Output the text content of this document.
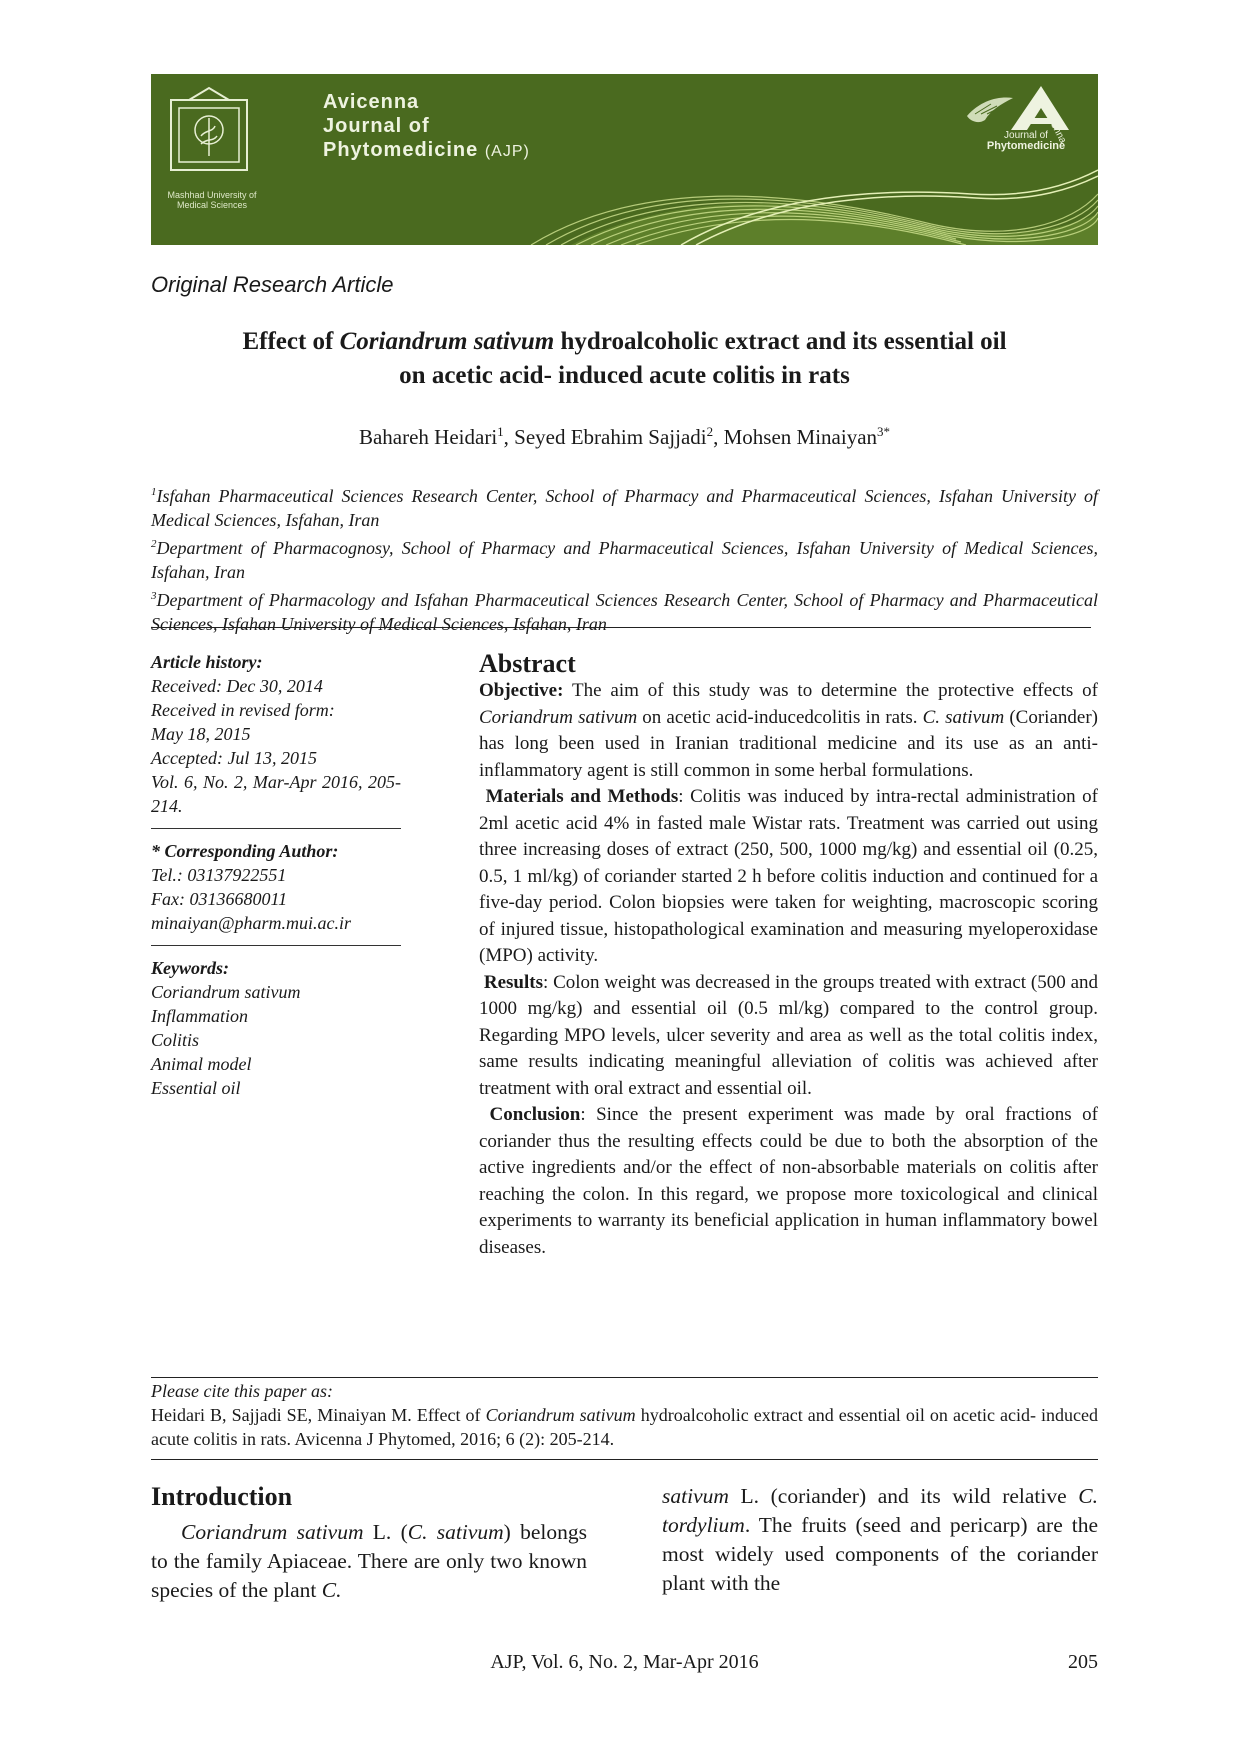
Mashhad University of Medical Sciences
Avicenna
Journal of
Phytomedicine (AJP)
Journal of
Phytomedicine
Avicenna
Original Research Article
Effect of Coriandrum sativum hydroalcoholic extract and its essential oil
on acetic acid- induced acute colitis in rats
Bahareh Heidari$^1$, Seyed Ebrahim Sajjadi$^2$, Mohsen Minaiyan$^{3*}$

$^1$Isfahan Pharmaceutical Sciences Research Center, School of Pharmacy and Pharmaceutical Sciences, Isfahan University of Medical Sciences, Isfahan, Iran

$^2$Department of Pharmacognosy, School of Pharmacy and Pharmaceutical Sciences, Isfahan University of Medical Sciences, Isfahan, Iran

$^3$Department of Pharmacology and Isfahan Pharmaceutical Sciences Research Center, School of Pharmacy and Pharmaceutical Sciences, Isfahan University of Medical Sciences, Isfahan, Iran

Article history:
Received: Dec 30, 2014
Received in revised form:
May 18, 2015
Accepted: Jul 13, 2015
Vol. 6, No. 2, Mar-Apr 2016, 205-214.
* Corresponding Author:
Tel.: 03137922551
Fax: 03136680011
minaiyan@pharm.mui.ac.ir
Keywords:
Coriandrum sativum
Inflammation
Colitis
Animal model
Essential oil
Abstract

Objective: The aim of this study was to determine the protective effects of Coriandrum sativum on acetic acid-inducedcolitis in rats. C. sativum (Coriander) has long been used in Iranian traditional medicine and its use as an anti-inflammatory agent is still common in some herbal formulations.

Materials and Methods: Colitis was induced by intra-rectal administration of 2ml acetic acid 4% in fasted male Wistar rats. Treatment was carried out using three increasing doses of extract (250, 500, 1000 mg/kg) and essential oil (0.25, 0.5, 1 ml/kg) of coriander started 2 h before colitis induction and continued for a five-day period. Colon biopsies were taken for weighting, macroscopic scoring of injured tissue, histopathological examination and measuring myeloperoxidase (MPO) activity.

Results: Colon weight was decreased in the groups treated with extract (500 and 1000 mg/kg) and essential oil (0.5 ml/kg) compared to the control group. Regarding MPO levels, ulcer severity and area as well as the total colitis index, same results indicating meaningful alleviation of colitis was achieved after treatment with oral extract and essential oil.

Conclusion: Since the present experiment was made by oral fractions of coriander thus the resulting effects could be due to both the absorption of the active ingredients and/or the effect of non-absorbable materials on colitis after reaching the colon. In this regard, we propose more toxicological and clinical experiments to warranty its beneficial application in human inflammatory bowel diseases.

Please cite this paper as:

Heidari B, Sajjadi SE, Minaiyan M. Effect of Coriandrum sativum hydroalcoholic extract and essential oil on acetic acid- induced acute colitis in rats. Avicenna J Phytomed, 2016; 6 (2): 205-214.

Introduction

Coriandrum sativum L. (C. sativum) belongs to the family Apiaceae. There are only two known species of the plant C.

sativum L. (coriander) and its wild relative C. tordylium. The fruits (seed and pericarp) are the most widely used components of the coriander plant with the

AJP, Vol. 6, No. 2, Mar-Apr 2016	205
